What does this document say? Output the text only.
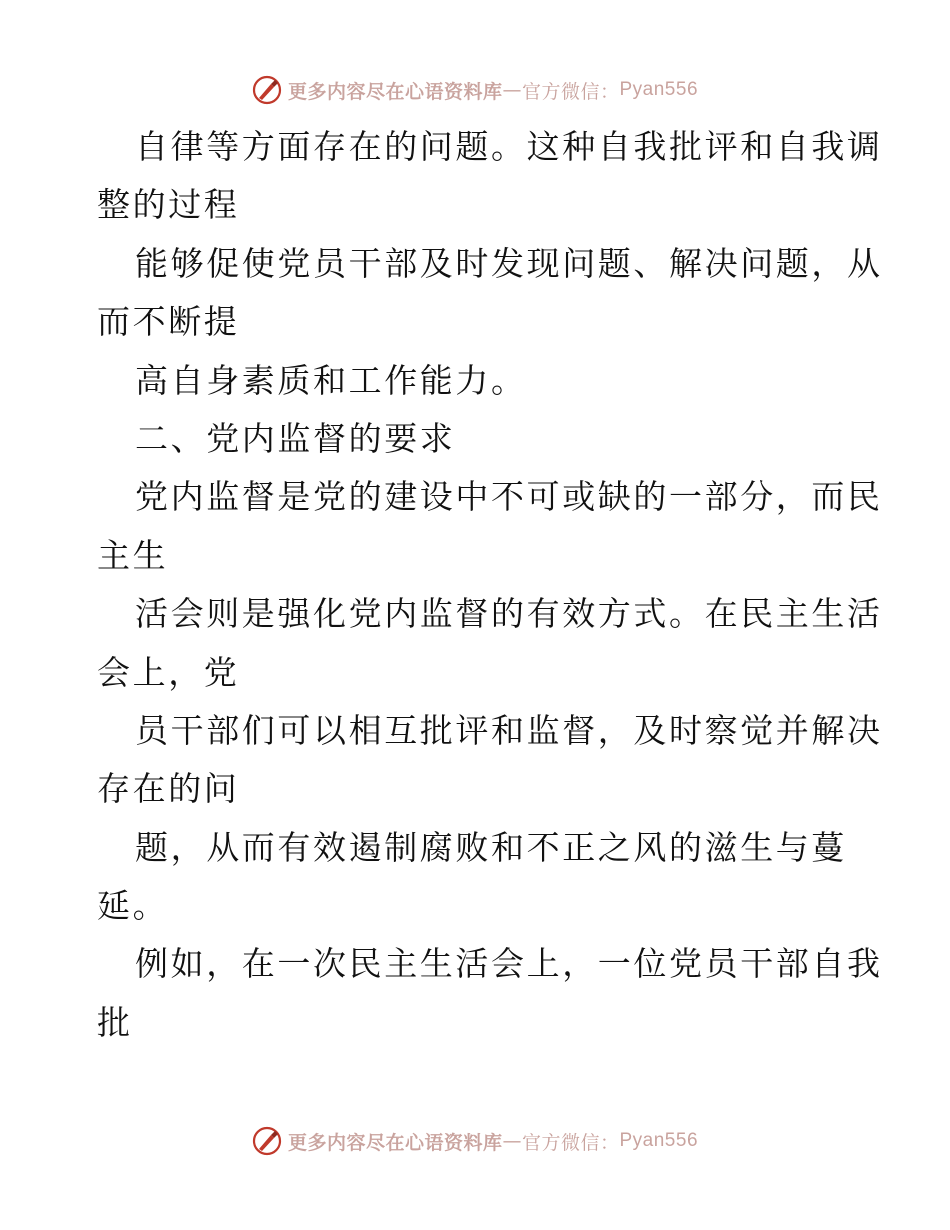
更多内容尽在心语资料库 — 官方微信： Pyan556
自律等方面存在的问题。这种自我批评和自我调
整的过程
能够促使党员干部及时发现问题、解决问题，从
而不断提
高自身素质和工作能力。
二、党内监督的要求
党内监督是党的建设中不可或缺的一部分，而民
主生
活会则是强化党内监督的有效方式。在民主生活
会上，党
员干部们可以相互批评和监督，及时察觉并解决
存在的问
题，从而有效遏制腐败和不正之风的滋生与蔓
延。
例如，在一次民主生活会上，一位党员干部自我
批
更多内容尽在心语资料库 — 官方微信： Pyan556
